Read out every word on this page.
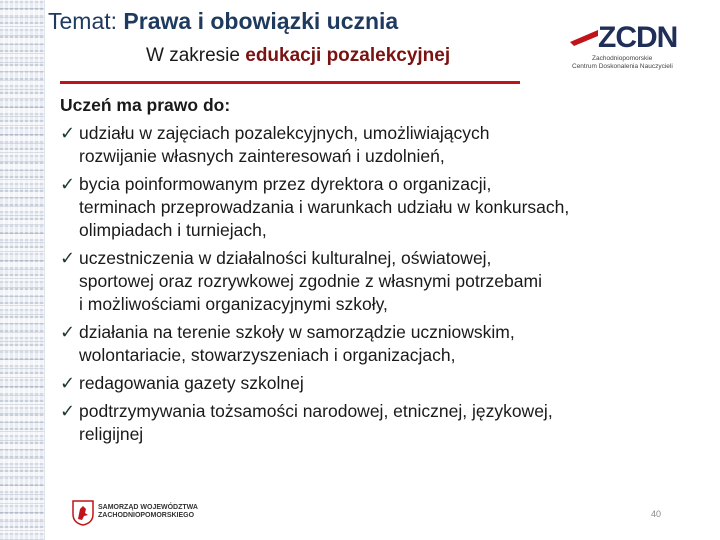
Temat: Prawa i obowiązki ucznia
W zakresie edukacji pozalekcyjnej
ZCDN
Zachodniopomorskie
Centrum Doskonalenia Nauczycieli
Uczeń ma prawo do:
✓ udziału w zajęciach pozalekcyjnych, umożliwiających
rozwijanie własnych zainteresowań i uzdolnień,
✓ bycia poinformowanym przez dyrektora o organizacji,
terminach przeprowadzania i warunkach udziału w konkursach,
olimpiadach i turniejach,
✓ uczestniczenia w działalności kulturalnej, oświatowej,
sportowej oraz rozrywkowej zgodnie z własnymi potrzebami
i możliwościami organizacyjnymi szkoły,
✓ działania na terenie szkoły w samorządzie uczniowskim,
wolontariacie, stowarzyszeniach i organizacjach,
✓ redagowania gazety szkolnej
✓ podtrzymywania tożsamości narodowej, etnicznej, językowej,
religijnej
SAMORZĄD WOJEWÓDZTWA
ZACHODNIOPOMORSKIEGO	40
